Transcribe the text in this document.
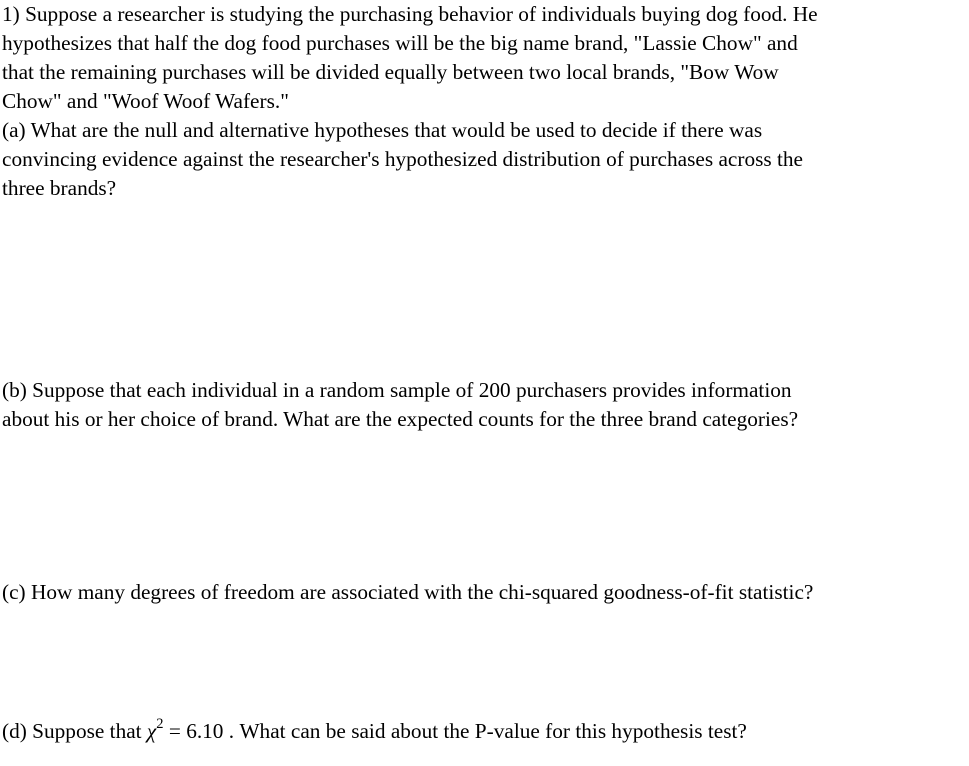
1) Suppose a researcher is studying the purchasing behavior of individuals buying dog food. He
hypothesizes that half the dog food purchases will be the big name brand, "Lassie Chow" and
that the remaining purchases will be divided equally between two local brands, "Bow Wow
Chow" and "Woof Woof Wafers."

(a) What are the null and alternative hypotheses that would be used to decide if there was
convincing evidence against the researcher's hypothesized distribution of purchases across the
three brands?

(b) Suppose that each individual in a random sample of 200 purchasers provides information
about his or her choice of brand. What are the expected counts for the three brand categories?

(c) How many degrees of freedom are associated with the chi-squared goodness-of-fit statistic?

(d) Suppose that $\chi^2 = 6.10$ . What can be said about the P-value for this hypothesis test?
